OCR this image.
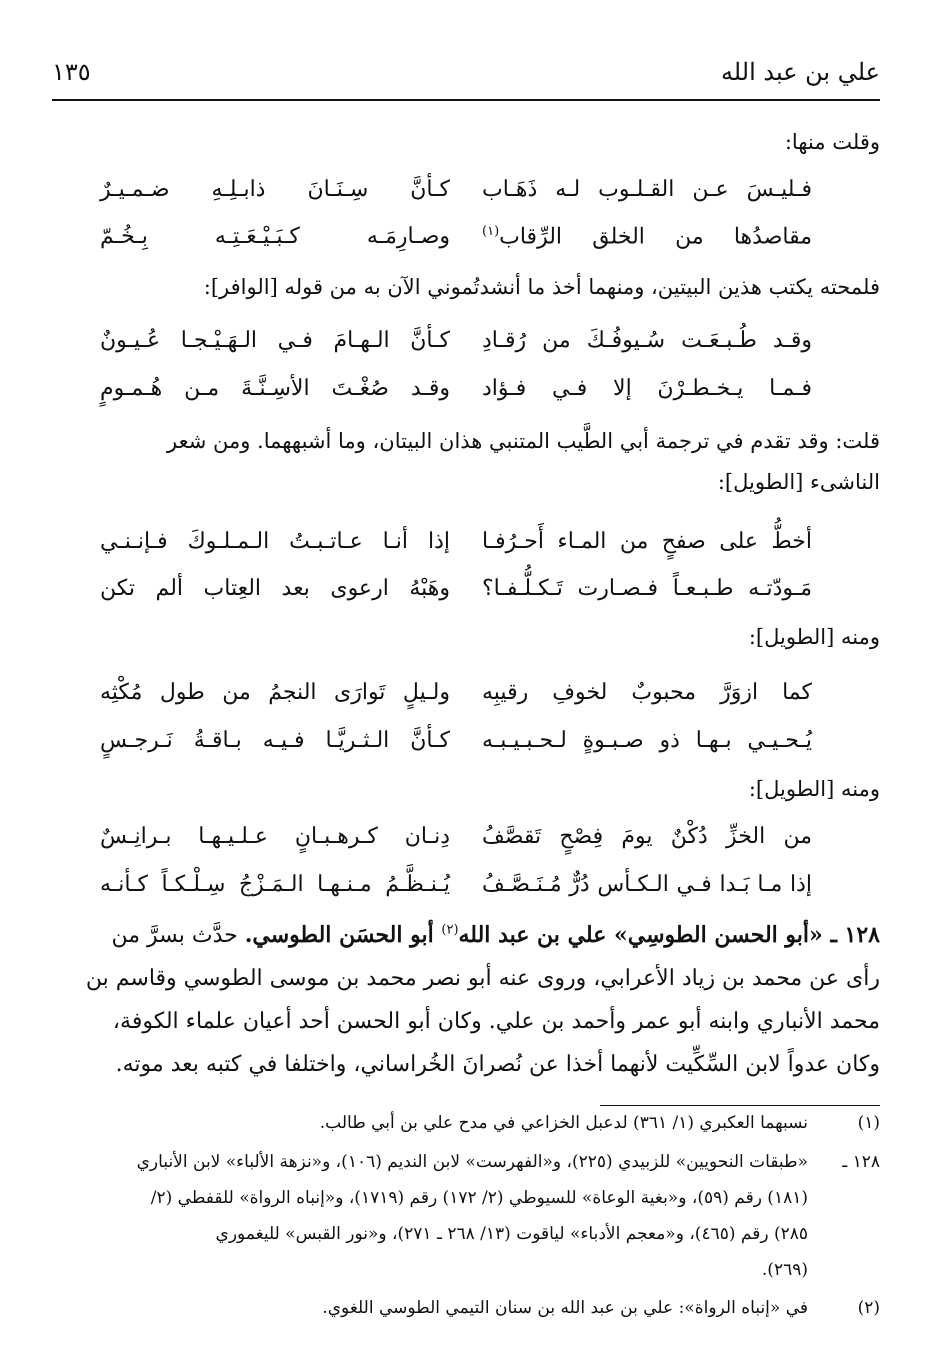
علي بن عبد الله
١٣٥
وقلت منها:
كـأنَّ سِـنَـانَ ذابـلِـهِ ضـمـيـرٌ فـليـسَ عـن القـلـوب لـه ذَهَـاب
وصـارِمَـه كـبَـيْـعَـتِـه بِـخُـمّ	مقاصدُها من الخلق الرِّقاب$^{(١)}$
فلمحته يكتب هذين البيتين، ومنهما أخذ ما أنشدتُموني الآن به من قوله [الوافر]:
كـأنَّ الـهـامَ فـي الـهَـيْـجـا عُـيـونٌ وقـد طُـبـعَـت سُـيوفُـكَ من رُقـادِ
وقـد صُغْـتَ الأسِـنَّـةَ مـن هُـمـومٍ فـمـا يـخـطـرْنَ إلا فـي فـؤاد
قلت: وقد تقدم في ترجمة أبي الطَّيب المتنبي هذان البيتان، وما أشبههما. ومن شعر
الناشىء [الطويل]:
إذا أنـا عـاتـبـتُ الـمـلـوكَ فـإنـنـي أخطُّ على صفحٍ من المـاء أَحـرُفـا
وهَبْهُ ارعوى بعد العِتاب ألم تكن مَـودّتـه طـبـعـاً فـصـارت تَـكـلُّـفـا؟
ومنه [الطويل]:
ولـيلٍ تَوارَى النجمُ من طول مُكْثِه كما ازوَرَّ محبوبٌ لخوفِ رقيبِه
كـأنَّ الـثـريَّـا فـيـه بـاقـةُ نَـرجـسٍ يُـحـيـي بـهـا ذو صـبـوةٍ لـحـبـيـبـه
ومنه [الطويل]:
دِنـان كـرهـبـانٍ عـلـيـهـا بـرانِـسٌ من الخزِّ دُكْنٌ يومَ فِصْحٍ تَقصَّفُ
يُـنـظَّـمُ مـنـهـا الـمَـزْجُ سِـلْـكـاً كـأنـه إذا مـا بَـدا فـي الـكـأس دُرٌّ مُـنَـصَّـفُ
١٢٨ ـ «أبو الحسن الطوسِي» علي بن عبد الله$^{(٢)}$ أبو الحسَن الطوسي. حدَّث بسرَّ من
رأى عن محمد بن زياد الأعرابي، وروى عنه أبو نصر محمد بن موسى الطوسي وقاسم بن
محمد الأنباري وابنه أبو عمر وأحمد بن علي. وكان أبو الحسن أحد أعيان علماء الكوفة،
وكان عدواً لابن السِّكِّيت لأنهما أخذا عن نُصرانَ الخُراساني، واختلفا في كتبه بعد موته.
(١)
نسبهما العكبري (١/ ٣٦١) لدعبل الخزاعي في مدح علي بن أبي طالب.
١٢٨ ـ
«طبقات النحويين» للزبيدي (٢٢٥)، و«الفهرست» لابن النديم (١٠٦)، و«نزهة الألباء» لابن الأنباري
(١٨١) رقم (٥٩)، و«بغية الوعاة» للسيوطي (٢/ ١٧٢) رقم (١٧١٩)، و«إنباه الرواة» للقفطي (٢/
٢٨٥) رقم (٤٦٥)، و«معجم الأدباء» لياقوت (١٣/ ٢٦٨ ـ ٢٧١)، و«نور القبس» لليغموري
(٢٦٩).
(٢)
في «إنباه الرواة»: علي بن عبد الله بن سنان التيمي الطوسي اللغوي.
